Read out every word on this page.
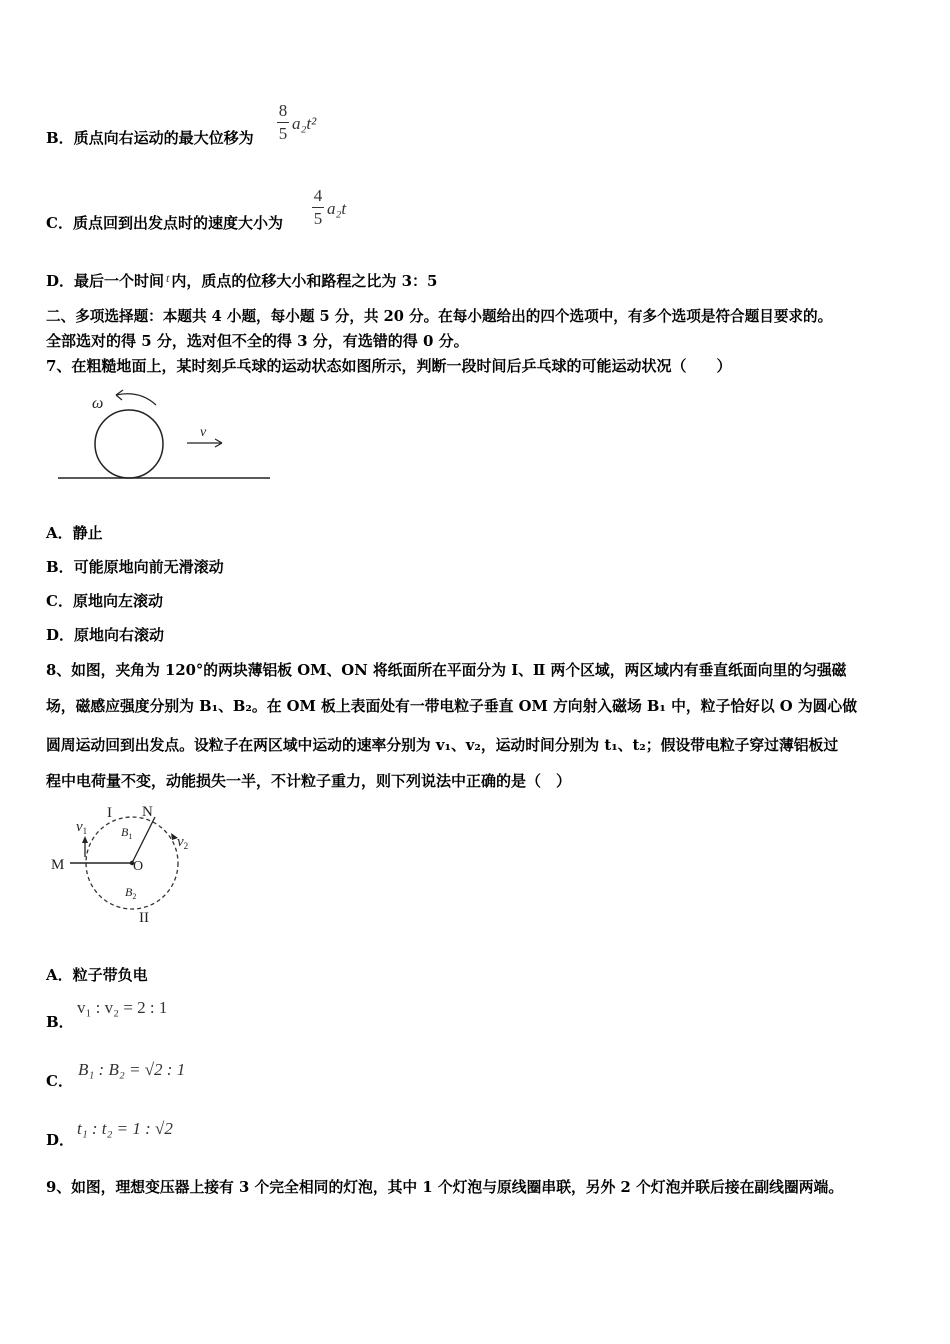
B．质点向右运动的最大位移为
8
5
a₂t²
C．质点回到出发点时的速度大小为
4
5
a₂t
D．最后一个时间 $^t$ 内，质点的位移大小和路程之比为 3：5
二、多项选择题：本题共 4 小题，每小题 5 分，共 20 分。在每小题给出的四个选项中，有多个选项是符合题目要求的。
全部选对的得 5 分，选对但不全的得 3 分，有选错的得 0 分。
7、在粗糙地面上，某时刻乒乓球的运动状态如图所示，判断一段时间后乒乓球的可能运动状况（　　）
ω
v
A．静止
B．可能原地向前无滑滚动
C．原地向左滚动
D．原地向右滚动
8、如图，夹角为 120°的两块薄铝板 OM、ON 将纸面所在平面分为 Ⅰ、Ⅱ 两个区域，两区域内有垂直纸面向里的匀强磁
场，磁感应强度分别为 B₁、B₂。在 OM 板上表面处有一带电粒子垂直 OM 方向射入磁场 B₁ 中，粒子恰好以 O 为圆心做
圆周运动回到出发点。设粒子在两区域中运动的速率分别为 v₁、v₂，运动时间分别为 t₁、t₂；假设带电粒子穿过薄铝板过
程中电荷量不变，动能损失一半，不计粒子重力，则下列说法中正确的是（　）
M	O
N
I
II
$v_1$
$v_2$
$B_1$
$B_2$
A．粒子带负电
B．
v₁ : v₂ = 2 : 1
C．
B₁ : B₂ = √2 : 1
D．
t₁ : t₂ = 1 : √2
9、如图，理想变压器上接有 3 个完全相同的灯泡，其中 1 个灯泡与原线圈串联，另外 2 个灯泡并联后接在副线圈两端。
